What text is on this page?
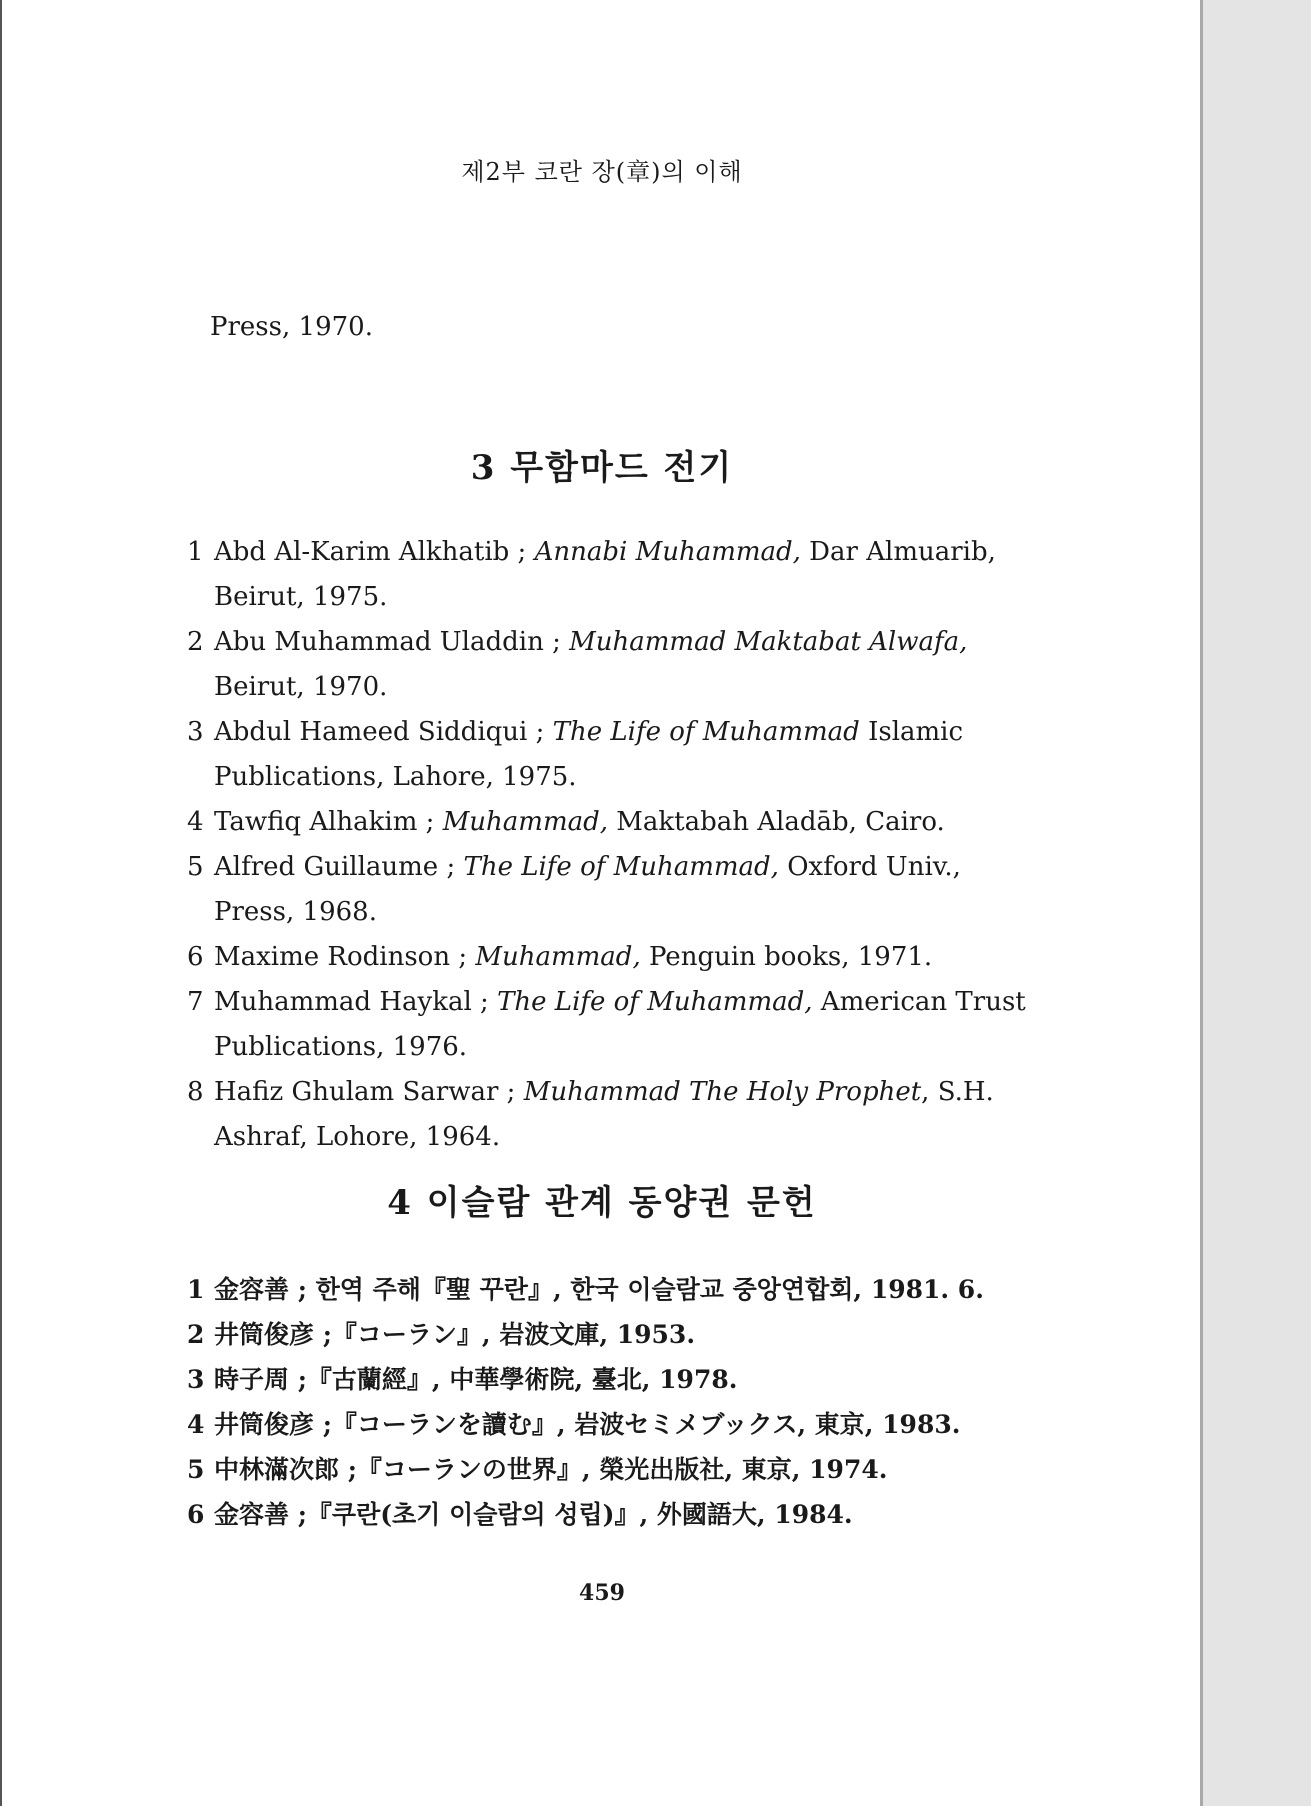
제2부 코란 장(章)의 이해
Press, 1970.
3 무함마드 전기
1 Abd Al-Karim Alkhatib ; Annabi Muhammad, Dar Almuarib, Beirut, 1975.
2 Abu Muhammad Uladdin ; Muhammad Maktabat Alwafa, Beirut, 1970.
3 Abdul Hameed Siddiqui ; The Life of Muhammad Islamic Publications, Lahore, 1975.
4 Tawfiq Alhakim ; Muhammad, Maktabah Aladāb, Cairo.
5 Alfred Guillaume ; The Life of Muhammad, Oxford Univ., Press, 1968.
6 Maxime Rodinson ; Muhammad, Penguin books, 1971.
7 Muhammad Haykal ; The Life of Muhammad, American Trust Publications, 1976.
8 Hafiz Ghulam Sarwar ; Muhammad The Holy Prophet, S.H. Ashraf, Lohore, 1964.
4 이슬람 관계 동양권 문헌
1 金容善 ; 한역 주해『聖 꾸란』, 한국 이슬람교 중앙연합회, 1981. 6.
2 井筒俊彦 ;『コーラン』, 岩波文庫, 1953.
3 時子周 ;『古蘭經』, 中華學術院, 臺北, 1978.
4 井筒俊彦 ;『コーランを讀む』, 岩波セミメブックス, 東京, 1983.
5 中林滿次郎 ;『コーランの世界』, 榮光出版社, 東京, 1974.
6 金容善 ;『쿠란(초기 이슬람의 성립)』, 外國語大, 1984.
459
